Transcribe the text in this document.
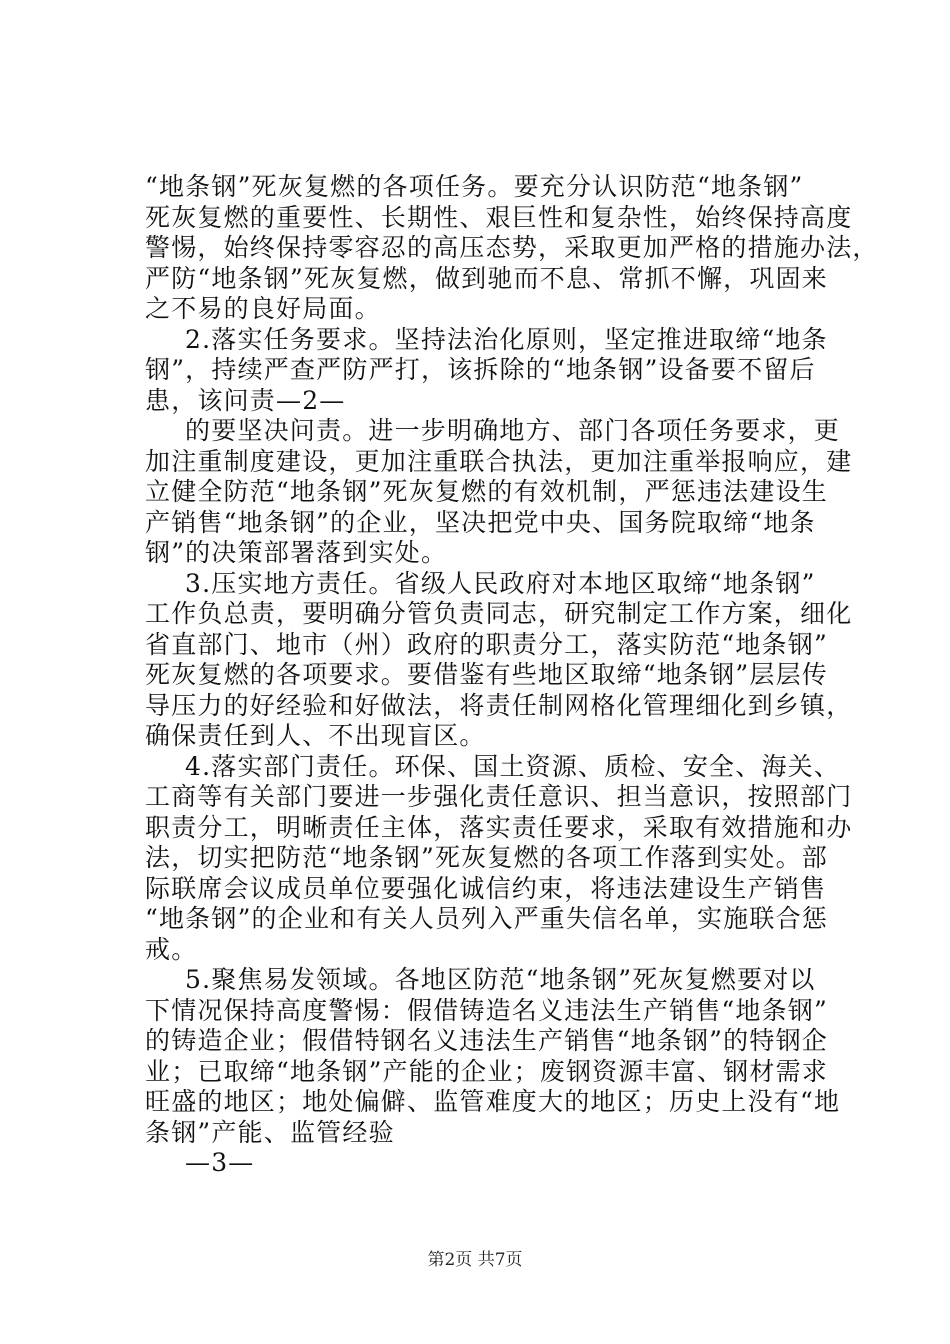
“地条钢”死灰复燃的各项任务。要充分认识防范“地条钢”
死灰复燃的重要性、长期性、艰巨性和复杂性，始终保持高度
警惕，始终保持零容忍的高压态势，采取更加严格的措施办法，
严防“地条钢”死灰复燃，做到驰而不息、常抓不懈，巩固来
之不易的良好局面。
2.落实任务要求。坚持法治化原则，坚定推进取缔“地条
钢”，持续严查严防严打，该拆除的“地条钢”设备要不留后
患，该问责—2—
的要坚决问责。进一步明确地方、部门各项任务要求，更
加注重制度建设，更加注重联合执法，更加注重举报响应，建
立健全防范“地条钢”死灰复燃的有效机制，严惩违法建设生
产销售“地条钢”的企业，坚决把党中央、国务院取缔“地条
钢”的决策部署落到实处。
3.压实地方责任。省级人民政府对本地区取缔“地条钢”
工作负总责，要明确分管负责同志，研究制定工作方案，细化
省直部门、地市（州）政府的职责分工，落实防范“地条钢”
死灰复燃的各项要求。要借鉴有些地区取缔“地条钢”层层传
导压力的好经验和好做法，将责任制网格化管理细化到乡镇，
确保责任到人、不出现盲区。
4.落实部门责任。环保、国土资源、质检、安全、海关、
工商等有关部门要进一步强化责任意识、担当意识，按照部门
职责分工，明晰责任主体，落实责任要求，采取有效措施和办
法，切实把防范“地条钢”死灰复燃的各项工作落到实处。部
际联席会议成员单位要强化诚信约束，将违法建设生产销售
“地条钢”的企业和有关人员列入严重失信名单，实施联合惩
戒。
5.聚焦易发领域。各地区防范“地条钢”死灰复燃要对以
下情况保持高度警惕：假借铸造名义违法生产销售“地条钢”
的铸造企业；假借特钢名义违法生产销售“地条钢”的特钢企
业；已取缔“地条钢”产能的企业；废钢资源丰富、钢材需求
旺盛的地区；地处偏僻、监管难度大的地区；历史上没有“地
条钢”产能、监管经验
—3—
第2页 共7页
